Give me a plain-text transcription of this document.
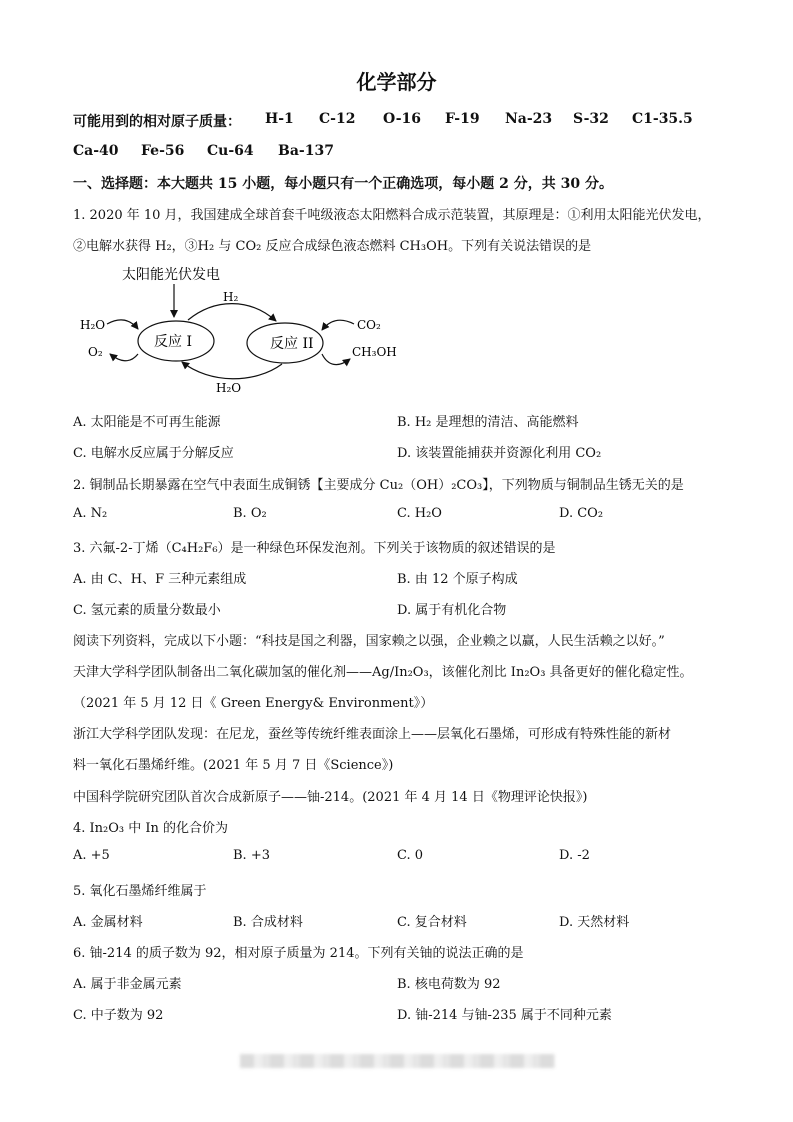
化学部分
可能用到的相对原子质量： H-1 C-12 O-16 F-19 Na-23 S-32 C1-35.5
Ca-40 Fe-56 Cu-64 Ba-137
一、选择题：本大题共 15 小题，每小题只有一个正确选项，每小题 2 分，共 30 分。
1. 2020 年 10 月，我国建成全球首套千吨级液态太阳燃料合成示范装置，其原理是：①利用太阳能光伏发电，
②电解水获得 H₂，③H₂ 与 CO₂ 反应合成绿色液态燃料 CH₃OH。下列有关说法错误的是
太阳能光伏发电
反应 I	反应 II
H₂
H₂O
H₂O
O₂
CO₂
CH₃OH
A. 太阳能是不可再生能源	B. H₂ 是理想的清洁、高能燃料
C. 电解水反应属于分解反应	D. 该装置能捕获并资源化利用 CO₂
2. 铜制品长期暴露在空气中表面生成铜锈【主要成分 Cu₂（OH）₂CO₃】，下列物质与铜制品生锈无关的是
A. N₂	B. O₂	C. H₂O	D. CO₂
3. 六氟-2-丁烯（C₄H₂F₆）是一种绿色环保发泡剂。下列关于该物质的叙述错误的是
A. 由 C、H、F 三种元素组成	B. 由 12 个原子构成
C. 氢元素的质量分数最小	D. 属于有机化合物
阅读下列资料，完成以下小题：“科技是国之利器，国家赖之以强，企业赖之以赢，人民生活赖之以好。”
天津大学科学团队制备出二氧化碳加氢的催化剂——Ag/In₂O₃，该催化剂比 In₂O₃ 具备更好的催化稳定性。
（2021 年 5 月 12 日《 Green Energy& Environment》）
浙江大学科学团队发现：在尼龙，蚕丝等传统纤维表面涂上——层氧化石墨烯，可形成有特殊性能的新材
料一氧化石墨烯纤维。(2021 年 5 月 7 日《Science》)
中国科学院研究团队首次合成新原子——铀-214。(2021 年 4 月 14 日《物理评论快报》)
4. In₂O₃ 中 In 的化合价为
A. +5	B. +3	C. 0	D. -2
5. 氧化石墨烯纤维属于
A. 金属材料	B. 合成材料	C. 复合材料	D. 天然材料
6. 铀-214 的质子数为 92，相对原子质量为 214。下列有关铀的说法正确的是
A. 属于非金属元素	B. 核电荷数为 92
C. 中子数为 92	D. 铀-214 与铀-235 属于不同种元素
